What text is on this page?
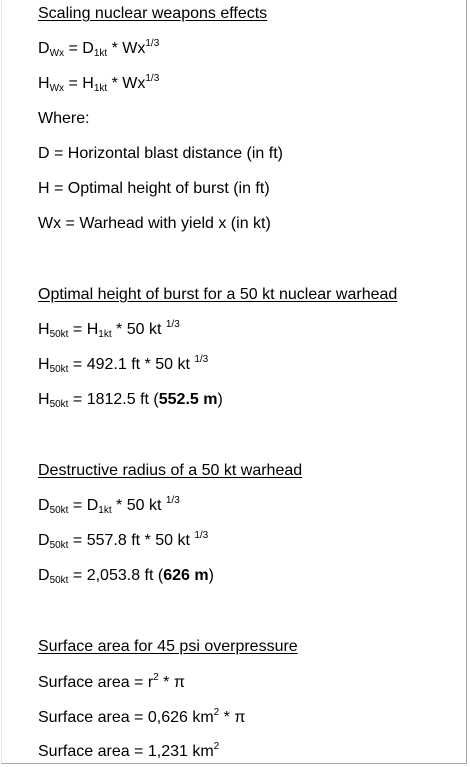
Scaling nuclear weapons effects
$D_{Wx} = D_{1kt} * Wx^{1/3}$
$H_{Wx} = H_{1kt} * Wx^{1/3}$
Where:
D = Horizontal blast distance (in ft)
H = Optimal height of burst (in ft)
Wx = Warhead with yield x (in kt)
Optimal height of burst for a 50 kt nuclear warhead
$H_{50kt} = H_{1kt} * 50$ kt $^{1/3}$
$H_{50kt} = 492.1$ ft * 50 kt $^{1/3}$
$H_{50kt} = 1812.5$ ft (552.5 m)
Destructive radius of a 50 kt warhead
$D_{50kt} = D_{1kt} * 50$ kt $^{1/3}$
$D_{50kt} = 557.8$ ft * 50 kt $^{1/3}$
$D_{50kt} = 2,053.8$ ft (626 m)
Surface area for 45 psi overpressure
Surface area = $r^2$ * π
Surface area = 0,626 $km^2$ * π
Surface area = 1,231 $km^2$
